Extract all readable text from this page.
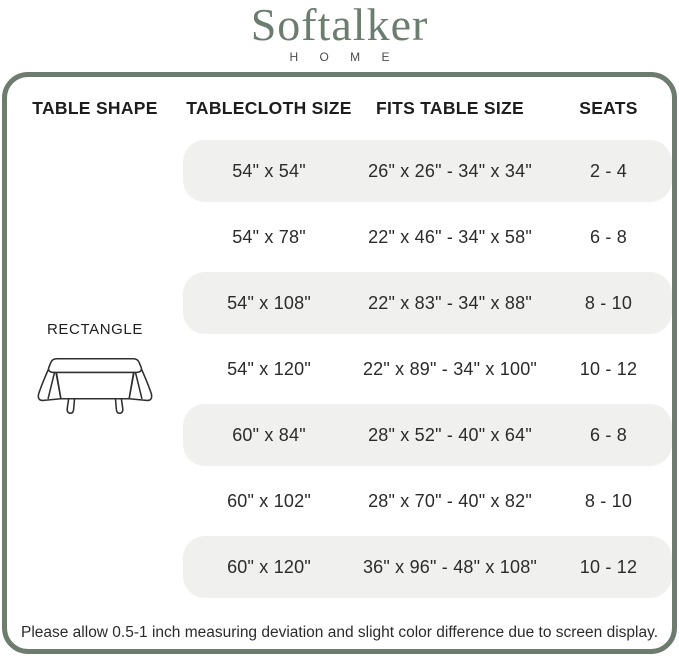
Softalker
H O M E
TABLE SHAPE	TABLECLOTH SIZE	FITS TABLE SIZE	SEATS
RECTANGLE
54" x 54"	26" x 26" - 34" x 34"	2 - 4
54" x 78"	22" x 46" - 34" x 58"	6 - 8
54" x 108"	22" x 83" - 34" x 88"	8 - 10
54" x 120"	22" x 89" - 34" x 100"	10 - 12
60" x 84"	28" x 52" - 40" x 64"	6 - 8
60" x 102"	28" x 70" - 40" x 82"	8 - 10
60" x 120"	36" x 96" - 48" x 108"	10 - 12
Please allow 0.5-1 inch measuring deviation and slight color difference due to screen display.
